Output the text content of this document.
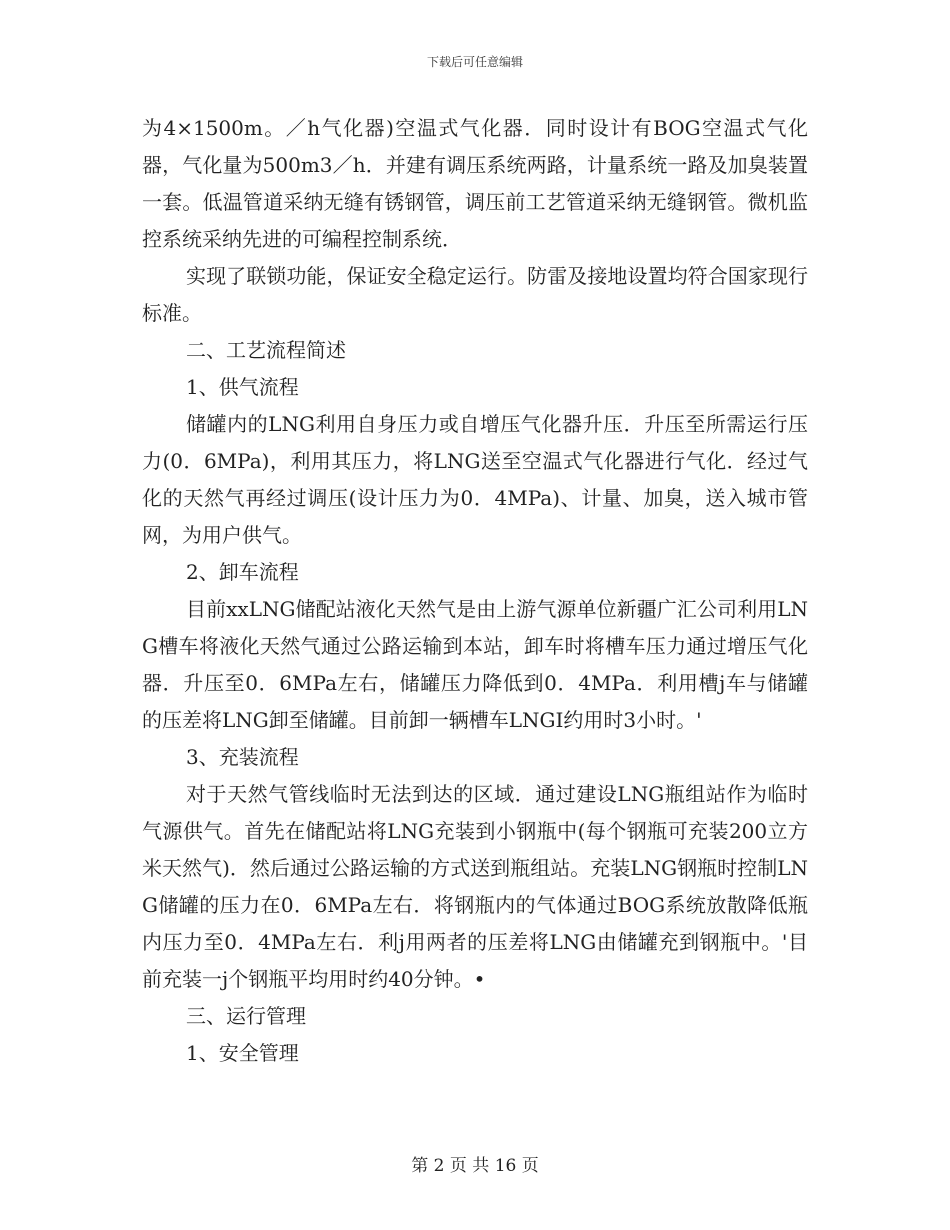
下载后可任意编辑

为4×1500m。／h气化器)空温式气化器．同时设计有BOG空温式气化器，气化量为500m3／h．并建有调压系统两路，计量系统一路及加臭装置一套。低温管道采纳无缝有锈钢管，调压前工艺管道采纳无缝钢管。微机监控系统采纳先进的可编程控制系统．

实现了联锁功能，保证安全稳定运行。防雷及接地设置均符合国家现行标准。

二、工艺流程简述

1、供气流程

储罐内的LNG利用自身压力或自增压气化器升压．升压至所需运行压力(0．6MPa)，利用其压力，将LNG送至空温式气化器进行气化．经过气化的天然气再经过调压(设计压力为0．4MPa)、计量、加臭，送入城市管网，为用户供气。

2、卸车流程

目前xxLNG储配站液化天然气是由上游气源单位新疆广汇公司利用LNG槽车将液化天然气通过公路运输到本站，卸车时将槽车压力通过增压气化器．升压至0．6MPa左右，储罐压力降低到0．4MPa．利用槽j车与储罐的压差将LNG卸至储罐。目前卸一辆槽车LNGI约用时3小时。'

3、充装流程

对于天然气管线临时无法到达的区域．通过建设LNG瓶组站作为临时气源供气。首先在储配站将LNG充装到小钢瓶中(每个钢瓶可充装200立方米天然气)．然后通过公路运输的方式送到瓶组站。充装LNG钢瓶时控制LNG储罐的压力在0．6MPa左右．将钢瓶内的气体通过BOG系统放散降低瓶内压力至0．4MPa左右．利j用两者的压差将LNG由储罐充到钢瓶中。'目前充装一j个钢瓶平均用时约40分钟。•

三、运行管理

1、安全管理

第 2 页 共 16 页
